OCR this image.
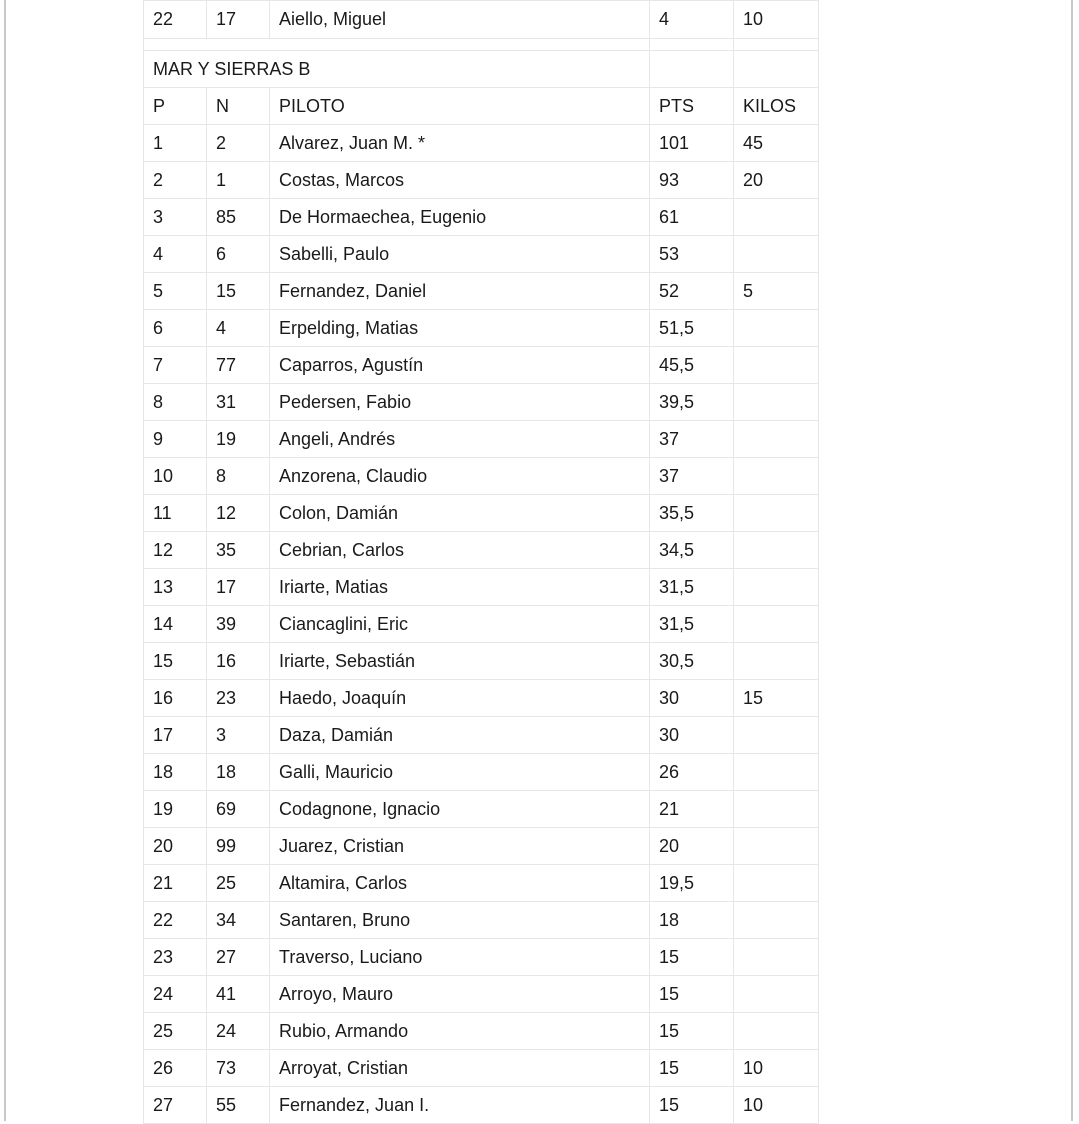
22	17	Aiello, Miguel	4	10

MAR Y SIERRAS B				
P	N	PILOTO	PTS	KILOS
1	2	Alvarez, Juan M. *	101	45
2	1	Costas, Marcos	93	20
3	85	De Hormaechea, Eugenio	61	
4	6	Sabelli, Paulo	53	
5	15	Fernandez, Daniel	52	5
6	4	Erpelding, Matias	51,5	
7	77	Caparros, Agustín	45,5	
8	31	Pedersen, Fabio	39,5	
9	19	Angeli, Andrés	37	
10	8	Anzorena, Claudio	37	
11	12	Colon, Damián	35,5	
12	35	Cebrian, Carlos	34,5	
13	17	Iriarte, Matias	31,5	
14	39	Ciancaglini, Eric	31,5	
15	16	Iriarte, Sebastián	30,5	
16	23	Haedo, Joaquín	30	15
17	3	Daza, Damián	30	
18	18	Galli, Mauricio	26	
19	69	Codagnone, Ignacio	21	
20	99	Juarez, Cristian	20	
21	25	Altamira, Carlos	19,5	
22	34	Santaren, Bruno	18	
23	27	Traverso, Luciano	15	
24	41	Arroyo, Mauro	15	
25	24	Rubio, Armando	15	
26	73	Arroyat, Cristian	15	10
27	55	Fernandez, Juan I.	15	10
